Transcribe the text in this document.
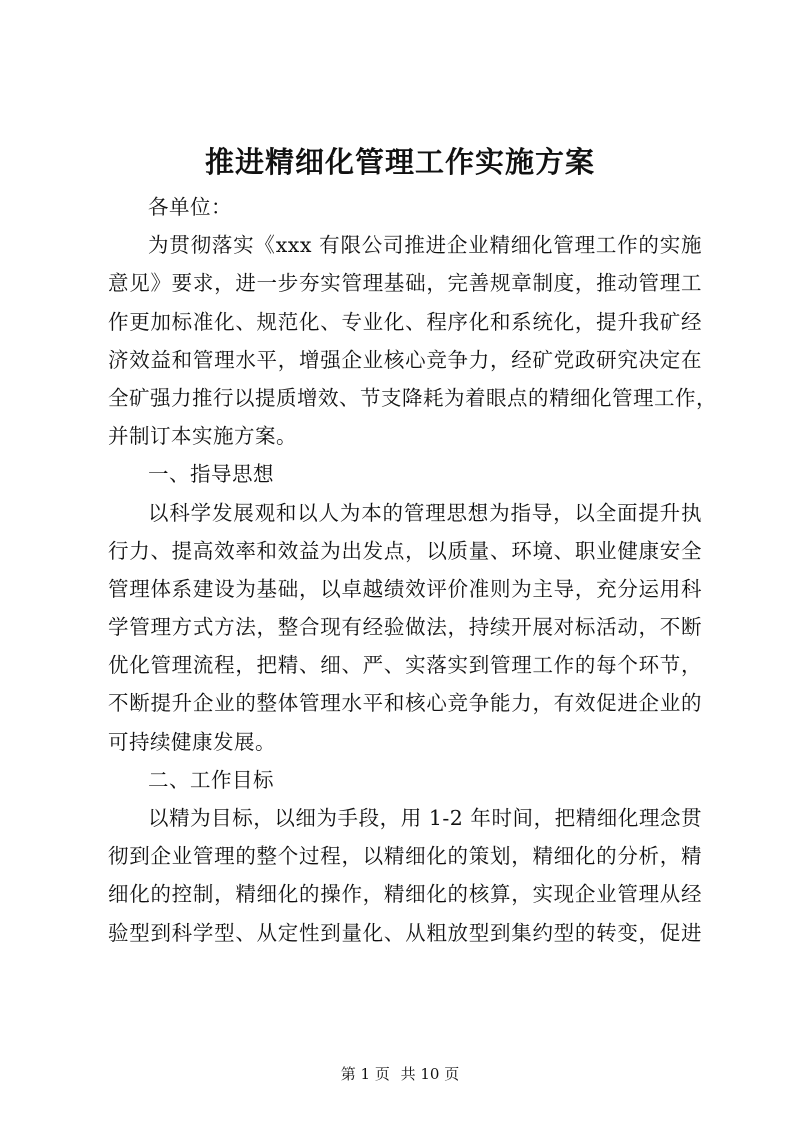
推进精细化管理工作实施方案
各单位：
为贯彻落实《xxx 有限公司推进企业精细化管理工作的实施
意见》要求，进一步夯实管理基础，完善规章制度，推动管理工
作更加标准化、规范化、专业化、程序化和系统化，提升我矿经
济效益和管理水平，增强企业核心竞争力，经矿党政研究决定在
全矿强力推行以提质增效、节支降耗为着眼点的精细化管理工作，
并制订本实施方案。
一、指导思想
以科学发展观和以人为本的管理思想为指导，以全面提升执
行力、提高效率和效益为出发点，以质量、环境、职业健康安全
管理体系建设为基础，以卓越绩效评价准则为主导，充分运用科
学管理方式方法，整合现有经验做法，持续开展对标活动，不断
优化管理流程，把精、细、严、实落实到管理工作的每个环节，
不断提升企业的整体管理水平和核心竞争能力，有效促进企业的
可持续健康发展。
二、工作目标
以精为目标，以细为手段，用 1-2 年时间，把精细化理念贯
彻到企业管理的整个过程，以精细化的策划，精细化的分析，精
细化的控制，精细化的操作，精细化的核算，实现企业管理从经
验型到科学型、从定性到量化、从粗放型到集约型的转变，促进
第 1 页 共 10 页
